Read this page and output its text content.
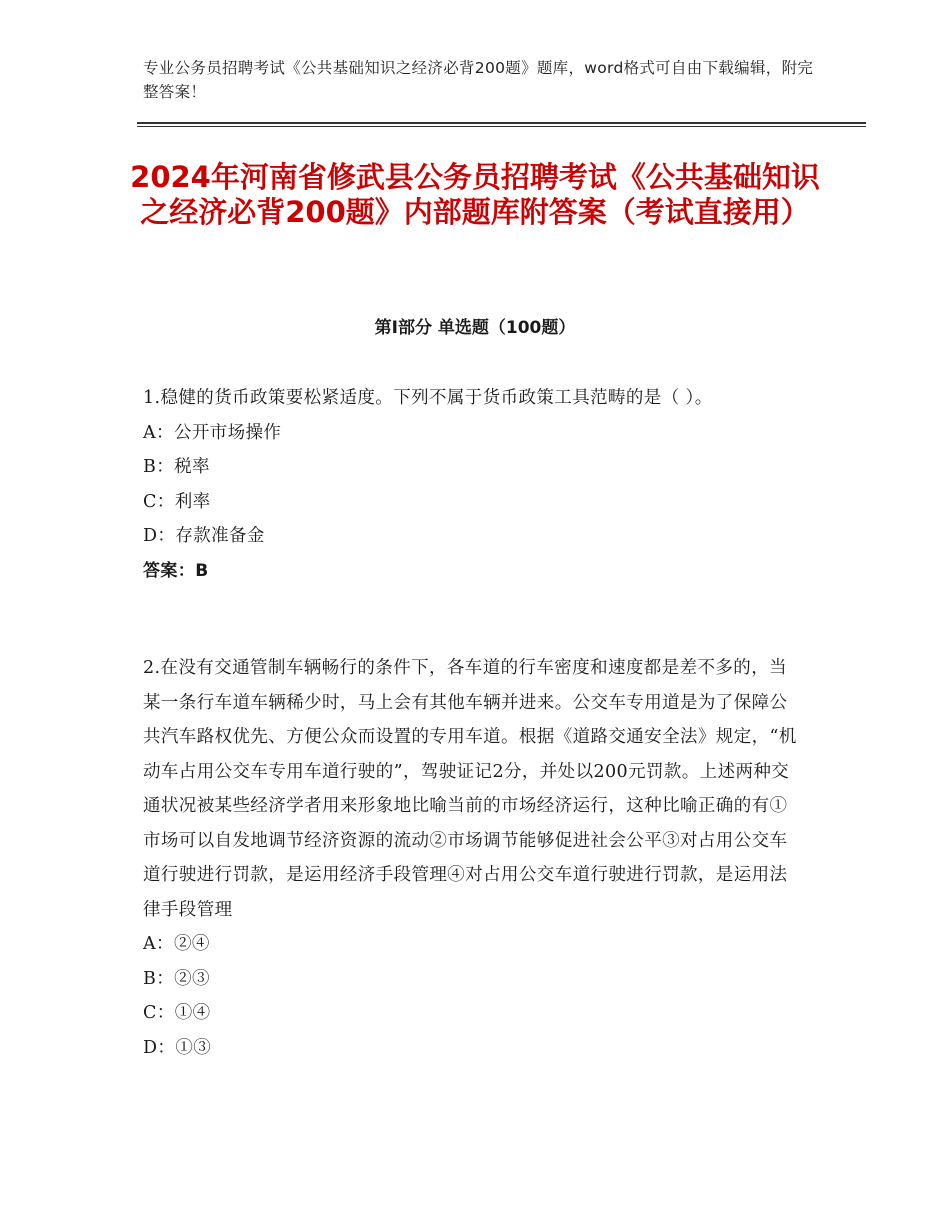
专业公务员招聘考试《公共基础知识之经济必背200题》题库，word格式可自由下载编辑，附完整答案！
2024年河南省修武县公务员招聘考试《公共基础知识之经济必背200题》内部题库附答案（考试直接用）
第Ⅰ部分 单选题（100题）

1.稳健的货币政策要松紧适度。下列不属于货币政策工具范畴的是（ ）。

A：公开市场操作

B：税率

C：利率

D：存款准备金

答案：B

2.在没有交通管制车辆畅行的条件下，各车道的行车密度和速度都是差不多的，当某一条行车道车辆稀少时，马上会有其他车辆并进来。公交车专用道是为了保障公共汽车路权优先、方便公众而设置的专用车道。根据《道路交通安全法》规定，“机动车占用公交车专用车道行驶的”，驾驶证记2分，并处以200元罚款。上述两种交通状况被某些经济学者用来形象地比喻当前的市场经济运行，这种比喻正确的有①市场可以自发地调节经济资源的流动②市场调节能够促进社会公平③对占用公交车道行驶进行罚款，是运用经济手段管理④对占用公交车道行驶进行罚款，是运用法律手段管理

A：②④

B：②③

C：①④

D：①③
